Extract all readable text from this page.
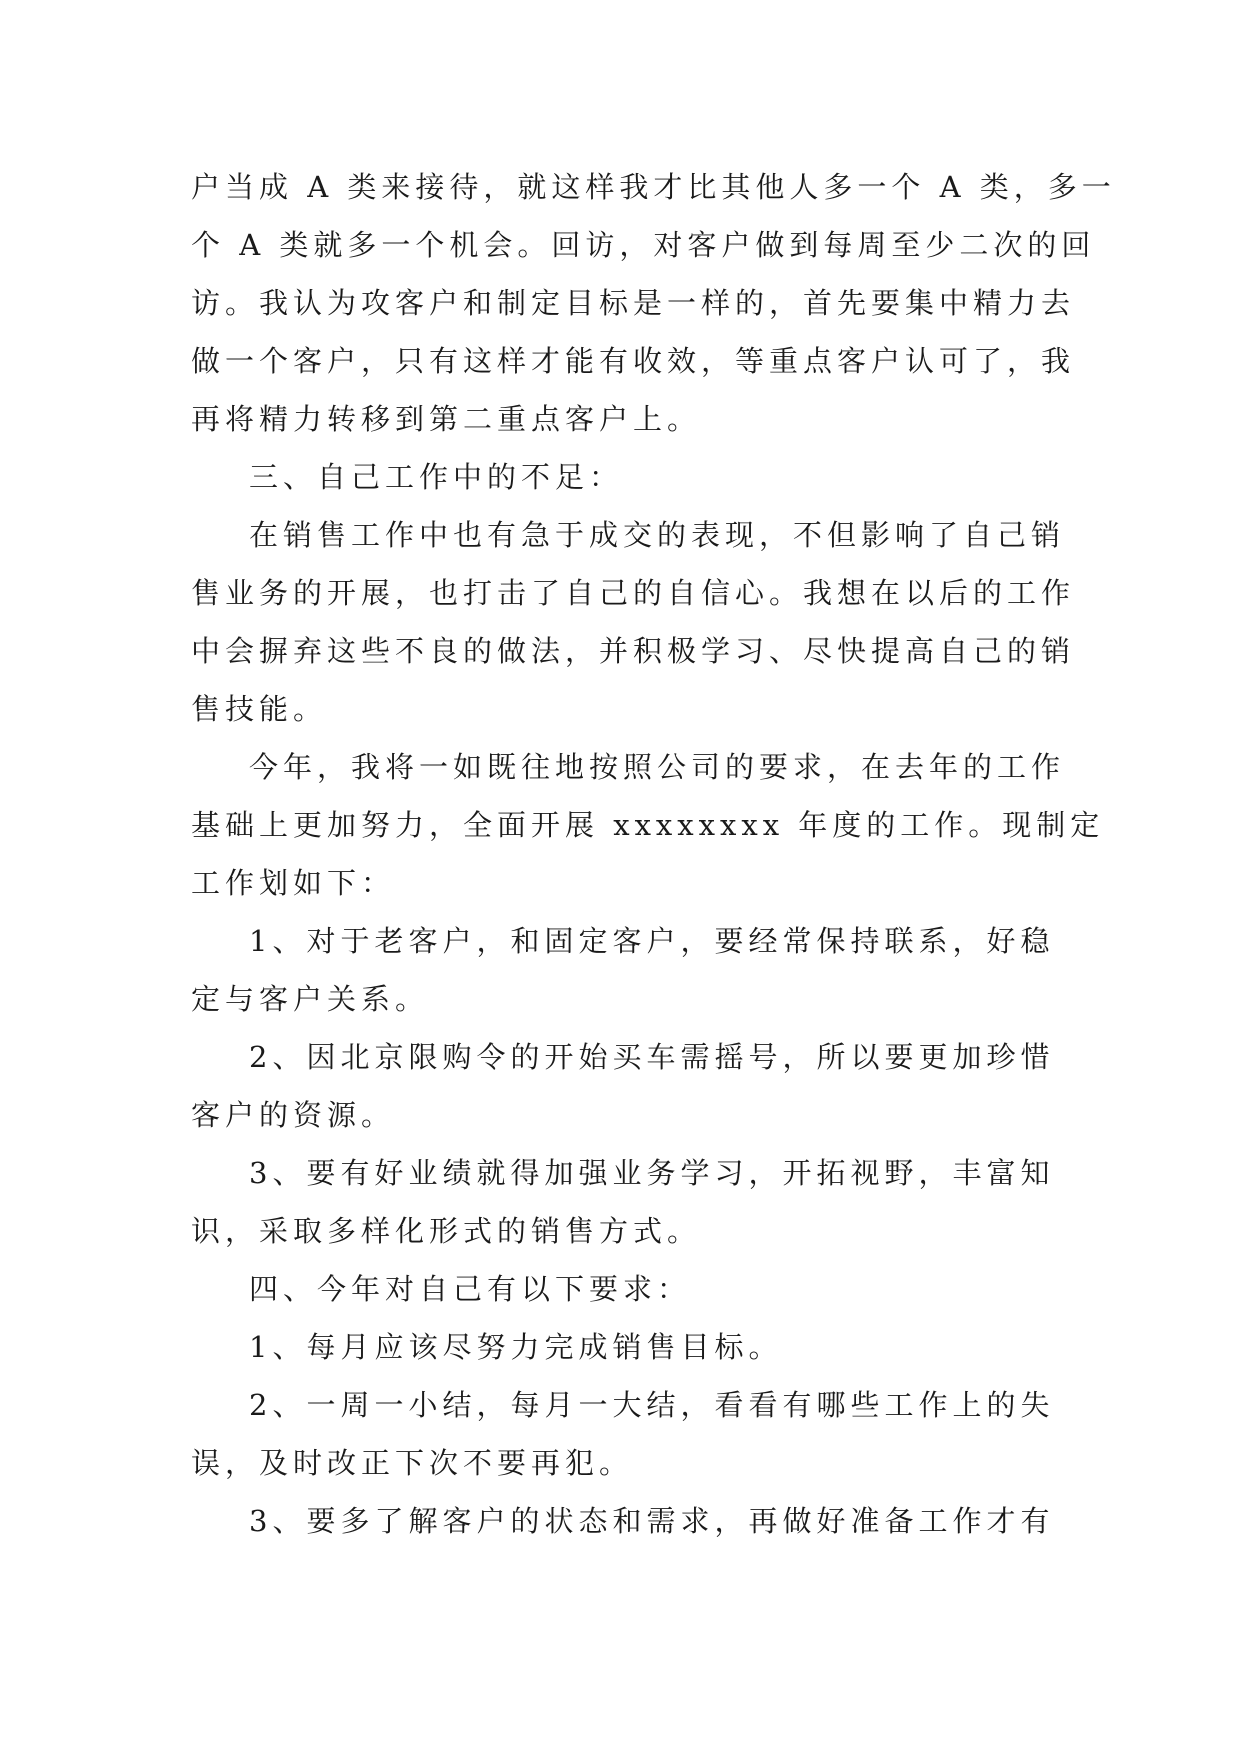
户当成 A 类来接待，就这样我才比其他人多一个 A 类，多一
个 A 类就多一个机会。回访，对客户做到每周至少二次的回
访。我认为攻客户和制定目标是一样的，首先要集中精力去
做一个客户，只有这样才能有收效，等重点客户认可了，我
再将精力转移到第二重点客户上。
三、自己工作中的不足：
在销售工作中也有急于成交的表现，不但影响了自己销
售业务的开展，也打击了自己的自信心。我想在以后的工作
中会摒弃这些不良的做法，并积极学习、尽快提高自己的销
售技能。
今年，我将一如既往地按照公司的要求，在去年的工作
基础上更加努力，全面开展 xxxxxxxx 年度的工作。现制定
工作划如下：
1、对于老客户，和固定客户，要经常保持联系，好稳
定与客户关系。
2、因北京限购令的开始买车需摇号，所以要更加珍惜
客户的资源。
3、要有好业绩就得加强业务学习，开拓视野，丰富知
识，采取多样化形式的销售方式。
四、今年对自己有以下要求：
1、每月应该尽努力完成销售目标。
2、一周一小结，每月一大结，看看有哪些工作上的失
误，及时改正下次不要再犯。
3、要多了解客户的状态和需求，再做好准备工作才有
